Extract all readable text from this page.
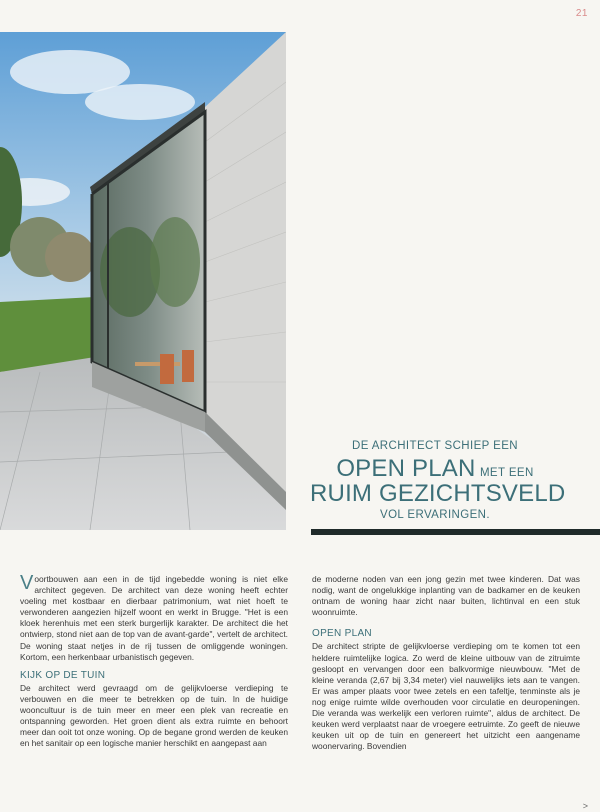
21
DE ARCHITECT SCHIEP EEN
OPEN PLAN MET EEN
RUIM GEZICHTSVELD
VOL ERVARINGEN.

Voortbouwen aan een in de tijd ingebedde woning is niet elke architect gegeven. De architect van deze woning heeft echter voeling met kostbaar en dierbaar patrimonium, wat niet hoeft te verwonderen aangezien hijzelf woont en werkt in Brugge. "Het is een kloek herenhuis met een sterk burgerlijk karakter. De architect die het ontwierp, stond niet aan de top van de avant-garde", vertelt de architect. De woning staat netjes in de rij tussen de omliggende woningen. Kortom, een herkenbaar urbanistisch gegeven.

KIJK OP DE TUIN

De architect werd gevraagd om de gelijkvloerse verdieping te verbouwen en die meer te betrekken op de tuin. In de huidige wooncultuur is de tuin meer en meer een plek van recreatie en ontspanning geworden. Het groen dient als extra ruimte en behoort meer dan ooit tot onze woning. Op de begane grond werden de keuken en het sanitair op een logische manier herschikt en aangepast aan

de moderne noden van een jong gezin met twee kinderen. Dat was nodig, want de ongelukkige inplanting van de badkamer en de keuken ontnam de woning haar zicht naar buiten, lichtinval en een stuk woonruimte.

OPEN PLAN

De architect stripte de gelijkvloerse verdieping om te komen tot een heldere ruimtelijke logica. Zo werd de kleine uitbouw van de zitruimte gesloopt en vervangen door een balkvormige nieuwbouw. "Met de kleine veranda (2,67 bij 3,34 meter) viel nauwelijks iets aan te vangen. Er was amper plaats voor twee zetels en een tafeltje, tenminste als je nog enige ruimte wilde overhouden voor circulatie en deuropeningen. Die veranda was werkelijk een verloren ruimte", aldus de architect. De keuken werd verplaatst naar de vroegere eetruimte. Zo geeft de nieuwe keuken uit op de tuin en genereert het uitzicht een aangename woonervaring. Bovendien

>
